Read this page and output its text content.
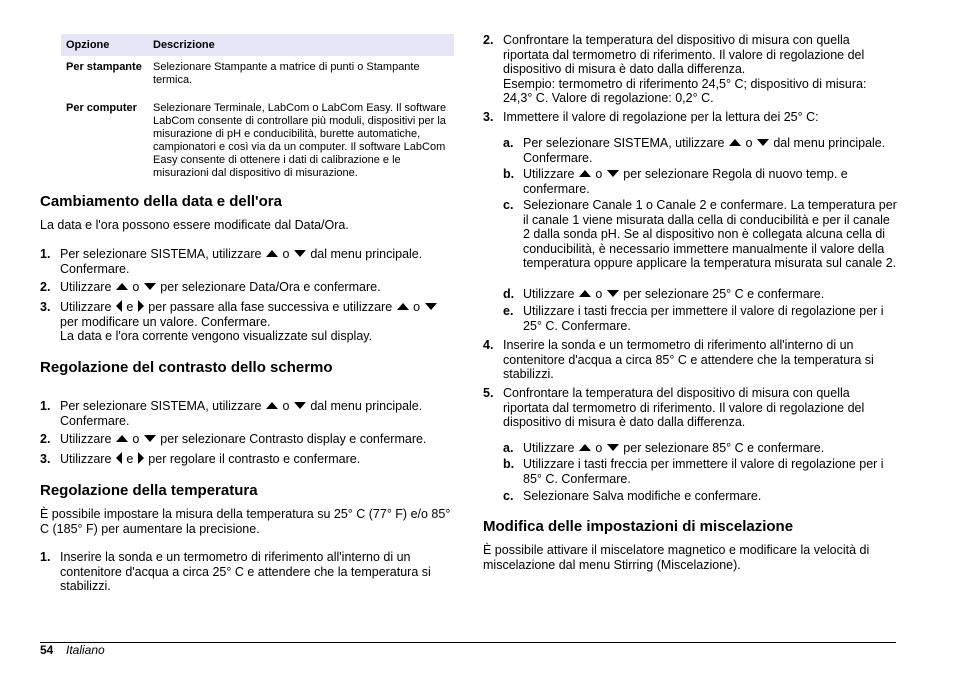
Opzione	Descrizione
Per stampante	Selezionare Stampante a matrice di punti o Stampante termica.
Per computer	Selezionare Terminale, LabCom o LabCom Easy. Il software LabCom consente di controllare più moduli, dispositivi per la misurazione di pH e conducibilità, burette automatiche, campionatori e così via da un computer. Il software LabCom Easy consente di ottenere i dati di calibrazione e le misurazioni dal dispositivo di misurazione.
Cambiamento della data e dell'ora

La data e l'ora possono essere modificate dal Data/Ora.

1. Per selezionare SISTEMA, utilizzare o dal menu principale. Confermare.
2. Utilizzare o per selezionare Data/Ora e confermare.
3. Utilizzare e per passare alla fase successiva e utilizzare o  per modificare un valore. Confermare.
La data e l'ora corrente vengono visualizzate sul display.
Regolazione del contrasto dello schermo
1. Per selezionare SISTEMA, utilizzare o dal menu principale. Confermare.
2. Utilizzare o per selezionare Contrasto display e confermare.
3. Utilizzare e per regolare il contrasto e confermare.
Regolazione della temperatura

È possibile impostare la misura della temperatura su 25° C (77° F) e/o 85° C (185° F) per aumentare la precisione.

1. Inserire la sonda e un termometro di riferimento all'interno di un contenitore d'acqua a circa 25° C e attendere che la temperatura si stabilizzi.
2. Confrontare la temperatura del dispositivo di misura con quella riportata dal termometro di riferimento. Il valore di regolazione del dispositivo di misura è dato dalla differenza.
Esempio: termometro di riferimento 24,5° C; dispositivo di misura: 24,3° C. Valore di regolazione: 0,2° C.
3. Immettere il valore di regolazione per la lettura dei 25° C:
a. Per selezionare SISTEMA, utilizzare o dal menu principale. Confermare.
b. Utilizzare o per selezionare Regola di nuovo temp. e confermare.
c. Selezionare Canale 1 o Canale 2 e confermare. La temperatura per il canale 1 viene misurata dalla cella di conducibilità e per il canale 2 dalla sonda pH. Se al dispositivo non è collegata alcuna cella di conducibilità, è necessario immettere manualmente il valore della temperatura oppure applicare la temperatura misurata sul canale 2.
d. Utilizzare o per selezionare 25° C e confermare.
e. Utilizzare i tasti freccia per immettere il valore di regolazione per i 25° C. Confermare.
4. Inserire la sonda e un termometro di riferimento all'interno di un contenitore d'acqua a circa 85° C e attendere che la temperatura si stabilizzi.
5. Confrontare la temperatura del dispositivo di misura con quella riportata dal termometro di riferimento. Il valore di regolazione del dispositivo di misura è dato dalla differenza.
a. Utilizzare o per selezionare 85° C e confermare.
b. Utilizzare i tasti freccia per immettere il valore di regolazione per i 85° C. Confermare.
c. Selezionare Salva modifiche e confermare.
Modifica delle impostazioni di miscelazione

È possibile attivare il miscelatore magnetico e modificare la velocità di miscelazione dal menu Stirring (Miscelazione).

54 Italiano
